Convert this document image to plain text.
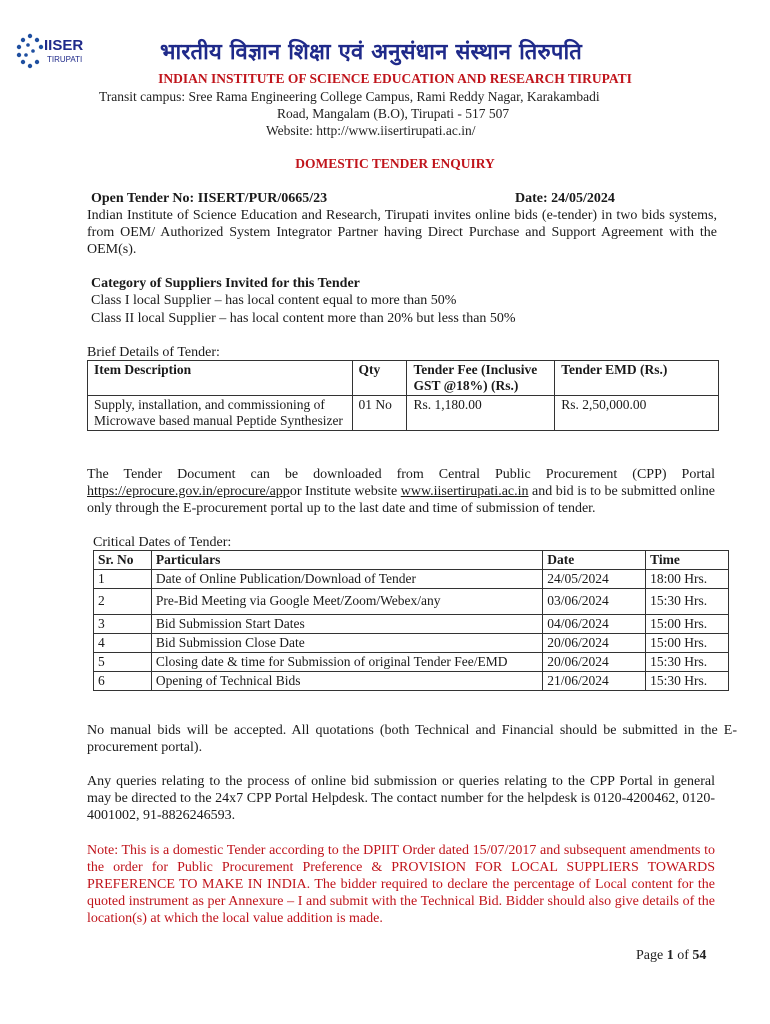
IISER
TIRUPATI	भारतीय विज्ञान शिक्षा एवं अनुसंधान संस्थान तिरुपति
INDIAN INSTITUTE OF SCIENCE EDUCATION AND RESEARCH TIRUPATI
Transit campus: Sree Rama Engineering College Campus, Rami Reddy Nagar, Karakambadi
Road, Mangalam (B.O), Tirupati - 517 507
Website: http://www.iisertirupati.ac.in/
DOMESTIC TENDER ENQUIRY
Open Tender No: IISERT/PUR/0665/23	Date: 24/05/2024
Indian Institute of Science Education and Research, Tirupati invites online bids (e-tender) in two bids systems, from OEM/ Authorized System Integrator Partner having Direct Purchase and Support Agreement with the OEM(s).
Category of Suppliers Invited for this Tender
Class I local Supplier – has local content equal to more than 50%
Class II local Supplier – has local content more than 20% but less than 50%
Brief Details of Tender:
Item Description	Qty	Tender Fee (Inclusive GST @18%) (Rs.)	Tender EMD (Rs.)
Supply, installation, and commissioning of Microwave based manual Peptide Synthesizer	01 No	Rs. 1,180.00	Rs. 2,50,000.00
The Tender Document can be downloaded from Central Public Procurement (CPP) Portal https://eprocure.gov.in/eprocure/appor Institute website www.iisertirupati.ac.in and bid is to be submitted online only through the E-procurement portal up to the last date and time of submission of tender.
Critical Dates of Tender:
Sr. No	Particulars	Date	Time
1	Date of Online Publication/Download of Tender	24/05/2024	18:00 Hrs.
2	Pre-Bid Meeting via Google Meet/Zoom/Webex/any	03/06/2024	15:30 Hrs.
3	Bid Submission Start Dates	04/06/2024	15:00 Hrs.
4	Bid Submission Close Date	20/06/2024	15:00 Hrs.
5	Closing date & time for Submission of original Tender Fee/EMD	20/06/2024	15:30 Hrs.
6	Opening of Technical Bids	21/06/2024	15:30 Hrs.
No manual bids will be accepted. All quotations (both Technical and Financial should be submitted in the E-procurement portal).
Any queries relating to the process of online bid submission or queries relating to the CPP Portal in general may be directed to the 24x7 CPP Portal Helpdesk. The contact number for the helpdesk is 0120-4200462, 0120-4001002, 91-8826246593.
Note: This is a domestic Tender according to the DPIIT Order dated 15/07/2017 and subsequent amendments to the order for Public Procurement Preference & PROVISION FOR LOCAL SUPPLIERS TOWARDS PREFERENCE TO MAKE IN INDIA. The bidder required to declare the percentage of Local content for the quoted instrument as per Annexure – I and submit with the Technical Bid. Bidder should also give details of the location(s) at which the local value addition is made.
Page 1 of 54
